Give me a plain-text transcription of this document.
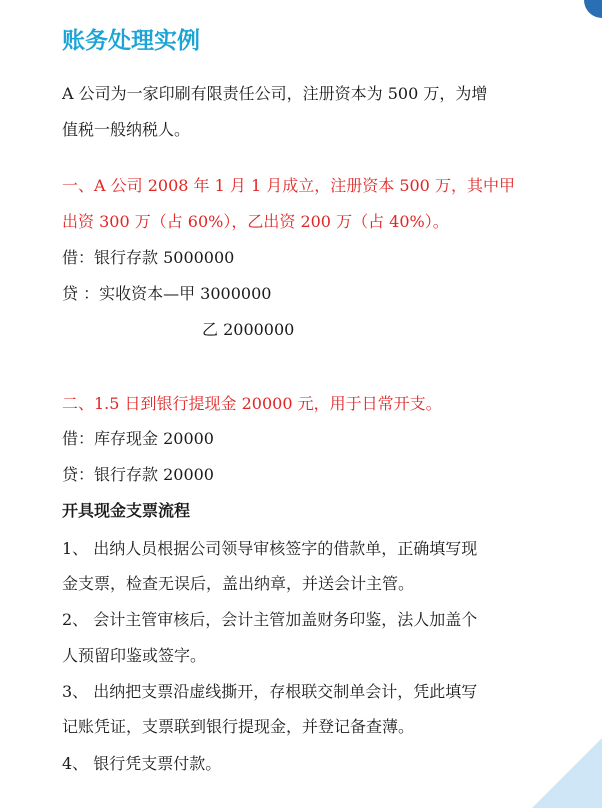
账务处理实例
A 公司为一家印刷有限责任公司，注册资本为 500 万，为增
值税一般纳税人。
一、A 公司 2008 年 1 月 1 月成立，注册资本 500 万，其中甲
出资 300 万（占 60%），乙出资 200 万（占 40%）。
借：银行存款 5000000
贷 ：实收资本—甲 3000000
乙 2000000
二、1.5 日到银行提现金 20000 元，用于日常开支。
借：库存现金 20000
贷：银行存款 20000
开具现金支票流程
1、 出纳人员根据公司领导审核签字的借款单，正确填写现
金支票，检查无误后，盖出纳章，并送会计主管。
2、 会计主管审核后，会计主管加盖财务印鉴，法人加盖个
人预留印鉴或签字。
3、 出纳把支票沿虚线撕开，存根联交制单会计，凭此填写
记账凭证，支票联到银行提现金，并登记备查薄。
4、 银行凭支票付款。
